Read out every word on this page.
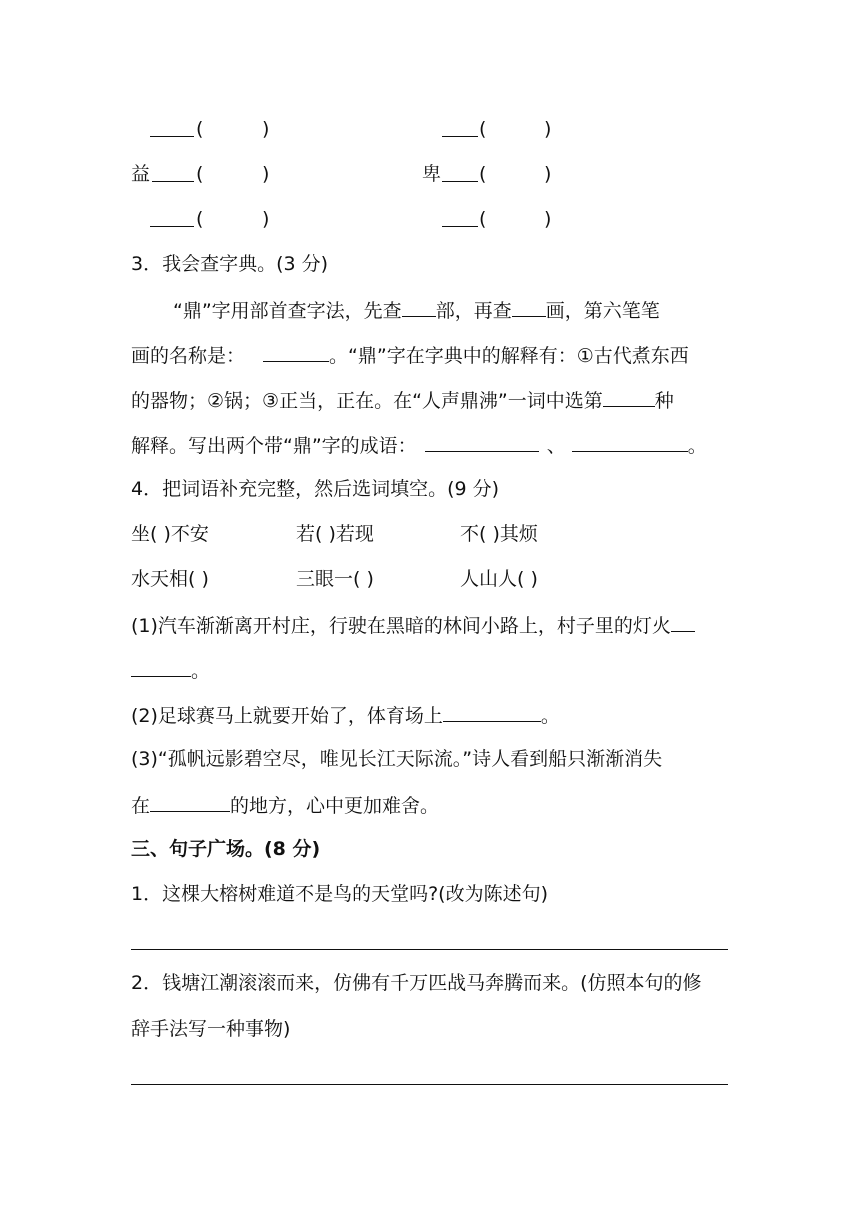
(	)	(	)
益 (	)	卑 (	)
(	)	(	)
3．我会查字典。(3 分)
“鼎”字用部首查字法，先查 部，再查 画，第六笔笔
画的名称是：	。“鼎”字在字典中的解释有：①古代煮东西
的器物；②锅；③正当，正在。在“人声鼎沸”一词中选第	种
解释。写出两个带“鼎”字的成语：	、	。
4．把词语补充完整，然后选词填空。(9 分)
坐( )不安	若( )若现	不( )其烦
水天相( )	三眼一( )	人山人( )
(1)汽车渐渐离开村庄，行驶在黑暗的林间小路上，村子里的灯火
。
(2)足球赛马上就要开始了，体育场上	。
(3)“孤帆远影碧空尽，唯见长江天际流。”诗人看到船只渐渐消失
在	的地方，心中更加难舍。
三、句子广场。(8 分)
1．这棵大榕树难道不是鸟的天堂吗?(改为陈述句)
2．钱塘江潮滚滚而来，仿佛有千万匹战马奔腾而来。(仿照本句的修
辞手法写一种事物)
